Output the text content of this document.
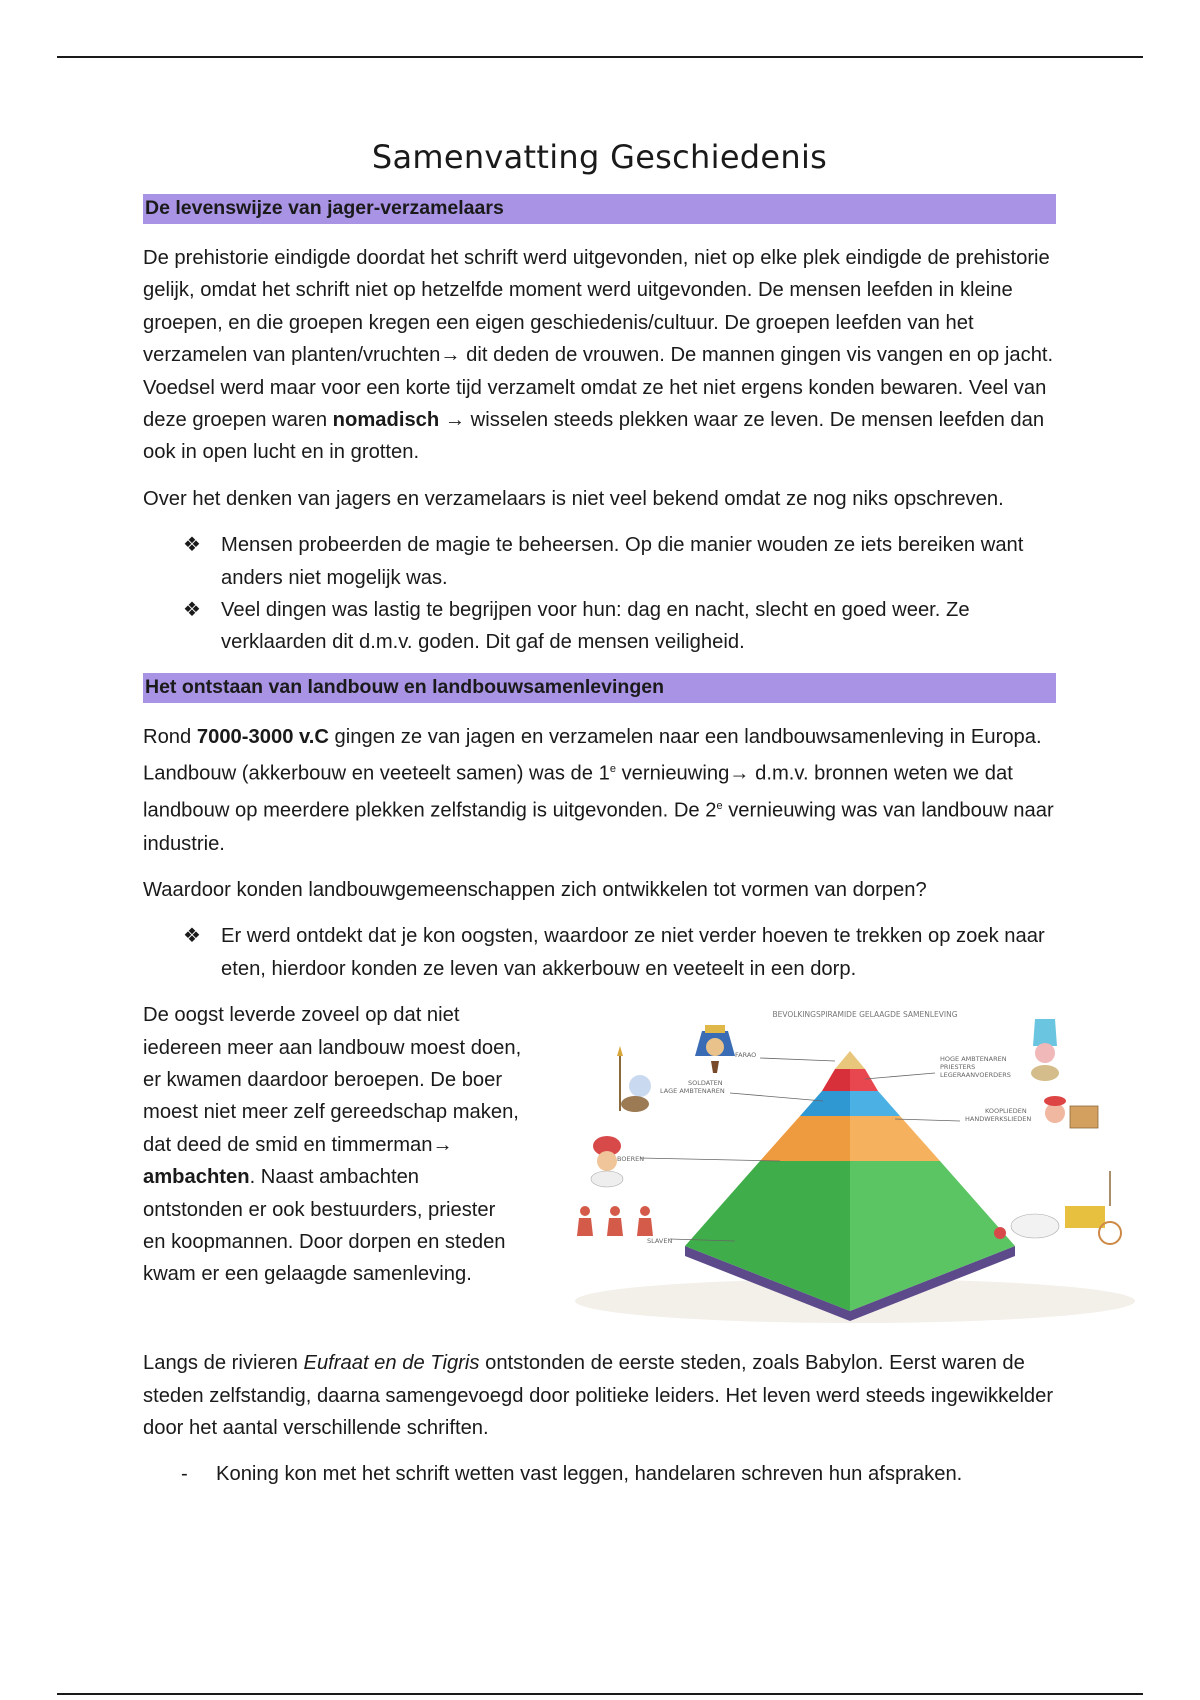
Samenvatting Geschiedenis
De levenswijze van jager-verzamelaars

De prehistorie eindigde doordat het schrift werd uitgevonden, niet op elke plek eindigde de prehistorie gelijk, omdat het schrift niet op hetzelfde moment werd uitgevonden. De mensen leefden in kleine groepen, en die groepen kregen een eigen geschiedenis/cultuur. De groepen leefden van het verzamelen van planten/vruchten→ dit deden de vrouwen. De mannen gingen vis vangen en op jacht. Voedsel werd maar voor een korte tijd verzamelt omdat ze het niet ergens konden bewaren. Veel van deze groepen waren nomadisch → wisselen steeds plekken waar ze leven. De mensen leefden dan ook in open lucht en in grotten.

Over het denken van jagers en verzamelaars is niet veel bekend omdat ze nog niks opschreven.

❖ Mensen probeerden de magie te beheersen. Op die manier wouden ze iets bereiken want anders niet mogelijk was.
❖ Veel dingen was lastig te begrijpen voor hun: dag en nacht, slecht en goed weer. Ze verklaarden dit d.m.v. goden. Dit gaf de mensen veiligheid.
Het ontstaan van landbouw en landbouwsamenlevingen

Rond 7000-3000 v.C gingen ze van jagen en verzamelen naar een landbouwsamenleving in Europa. Landbouw (akkerbouw en veeteelt samen) was de 1e vernieuwing→ d.m.v. bronnen weten we dat landbouw op meerdere plekken zelfstandig is uitgevonden. De 2e vernieuwing was van landbouw naar industrie.

Waardoor konden landbouwgemeenschappen zich ontwikkelen tot vormen van dorpen?

❖ Er werd ontdekt dat je kon oogsten, waardoor ze niet verder hoeven te trekken op zoek naar eten, hierdoor konden ze leven van akkerbouw en veeteelt in een dorp.

De oogst leverde zoveel op dat niet iedereen meer aan landbouw moest doen, er kwamen daardoor beroepen. De boer moest niet meer zelf gereedschap maken, dat deed de smid en timmerman→ ambachten. Naast ambachten ontstonden er ook bestuurders, priester en koopmannen. Door dorpen en steden kwam er een gelaagde samenleving.

BEVOLKINGSPIRAMIDE GELAAGDE SAMENLEVING
FARAO
SOLDATEN
LAGE AMBTENAREN
BOEREN
SLAVEN
HOGE AMBTENAREN
PRIESTERS
LEGERAANVOERDERS
KOOPLIEDEN
HANDWERKSLIEDEN

Langs de rivieren Eufraat en de Tigris ontstonden de eerste steden, zoals Babylon. Eerst waren de steden zelfstandig, daarna samengevoegd door politieke leiders. Het leven werd steeds ingewikkelder door het aantal verschillende schriften.

- Koning kon met het schrift wetten vast leggen, handelaren schreven hun afspraken.
